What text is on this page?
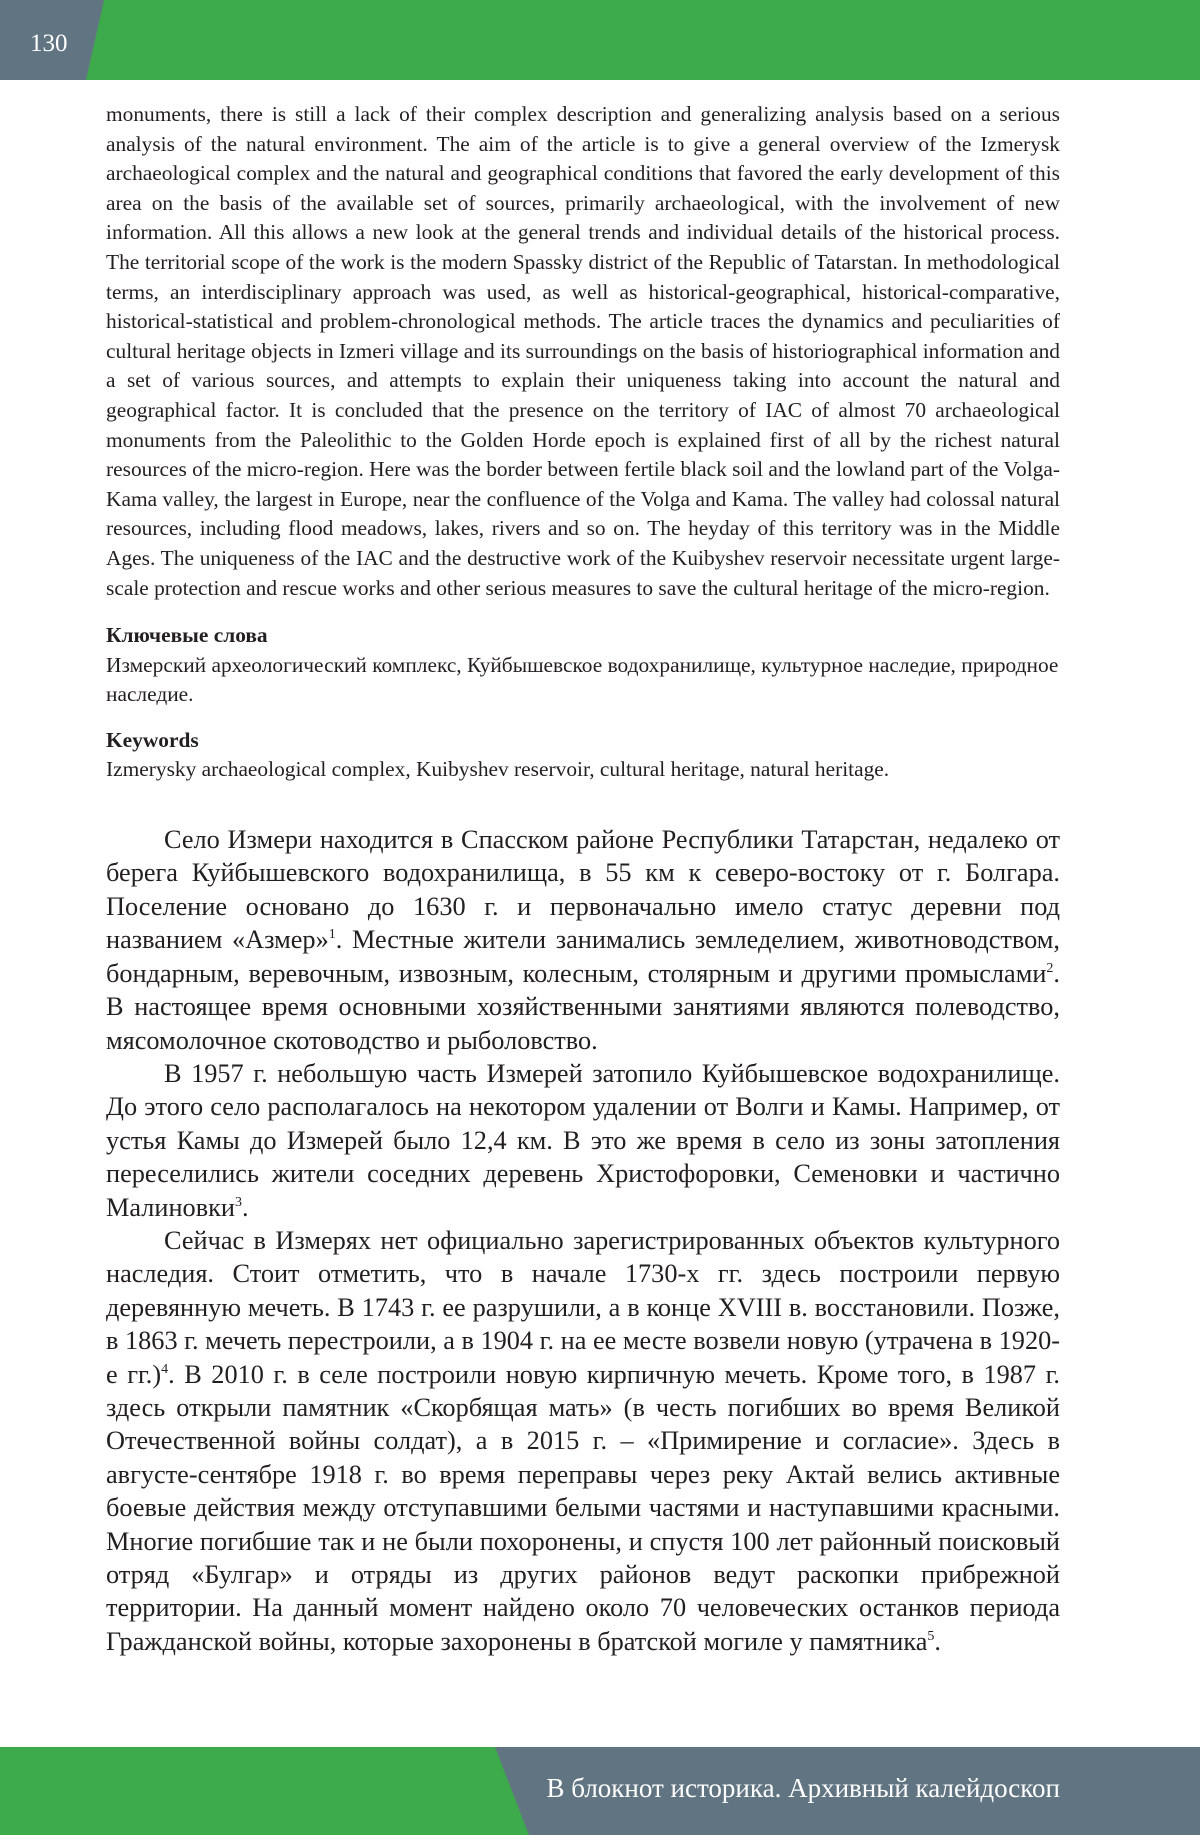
130

monuments, there is still a lack of their complex description and generalizing analysis based on a serious analysis of the natural environment. The aim of the article is to give a general overview of the Izmerysk archaeological complex and the natural and geographical conditions that favored the early development of this area on the basis of the available set of sources, primarily archaeological, with the involvement of new information. All this allows a new look at the general trends and individual details of the historical process. The territorial scope of the work is the modern Spassky district of the Republic of Tatarstan. In methodological terms, an interdisciplinary approach was used, as well as historical-geographical, historical-comparative, historical-statistical and problem-chronological methods. The article traces the dynamics and peculiarities of cultural heritage objects in Izmeri village and its surroundings on the basis of historiographical information and a set of various sources, and attempts to explain their uniqueness taking into account the natural and geographical factor. It is concluded that the presence on the territory of IAC of almost 70 archaeological monuments from the Paleolithic to the Golden Horde epoch is explained first of all by the richest natural resources of the micro-region. Here was the border between fertile black soil and the lowland part of the Volga-Kama valley, the largest in Europe, near the confluence of the Volga and Kama. The valley had colossal natural resources, including flood meadows, lakes, rivers and so on. The heyday of this territory was in the Middle Ages. The uniqueness of the IAC and the destructive work of the Kuibyshev reservoir necessitate urgent large-scale protection and rescue works and other serious measures to save the cultural heritage of the micro-region.

Ключевые слова
Измерский археологический комплекс, Куйбышевское водохранилище, культурное наследие, природное наследие.
Keywords
Izmerysky archaeological complex, Kuibyshev reservoir, cultural heritage, natural heritage.

Село Измери находится в Спасском районе Республики Татарстан, недалеко от берега Куйбышевского водохранилища, в 55 км к северо-востоку от г. Болгара. Поселение основано до 1630 г. и первоначально имело статус деревни под названием «Азмер»$^1$. Местные жители занимались земледелием, животноводством, бондарным, веревочным, извозным, колесным, столярным и другими промыслами$^2$. В настоящее время основными хозяйственными занятиями являются полеводство, мясомолочное скотоводство и рыболовство.

В 1957 г. небольшую часть Измерей затопило Куйбышевское водохранилище. До этого село располагалось на некотором удалении от Волги и Камы. Например, от устья Камы до Измерей было 12,4 км. В это же время в село из зоны затопления переселились жители соседних деревень Христофоровки, Семеновки и частично Малиновки$^3$.

Сейчас в Измерях нет официально зарегистрированных объектов культурного наследия. Стоит отметить, что в начале 1730-х гг. здесь построили первую деревянную мечеть. В 1743 г. ее разрушили, а в конце XVIII в. восстановили. Позже, в 1863 г. мечеть перестроили, а в 1904 г. на ее месте возвели новую (утрачена в 1920-е гг.)$^4$. В 2010 г. в селе построили новую кирпичную мечеть. Кроме того, в 1987 г. здесь открыли памятник «Скорбящая мать» (в честь погибших во время Великой Отечественной войны солдат), а в 2015 г. – «Примирение и согласие». Здесь в августе-сентябре 1918 г. во время переправы через реку Актай велись активные боевые действия между отступавшими белыми частями и наступавшими красными. Многие погибшие так и не были похоронены, и спустя 100 лет районный поисковый отряд «Булгар» и отряды из других районов ведут раскопки прибрежной территории. На данный момент найдено около 70 человеческих останков периода Гражданской войны, которые захоронены в братской могиле у памятника$^5$.

В блокнот историка. Архивный калейдоскоп
